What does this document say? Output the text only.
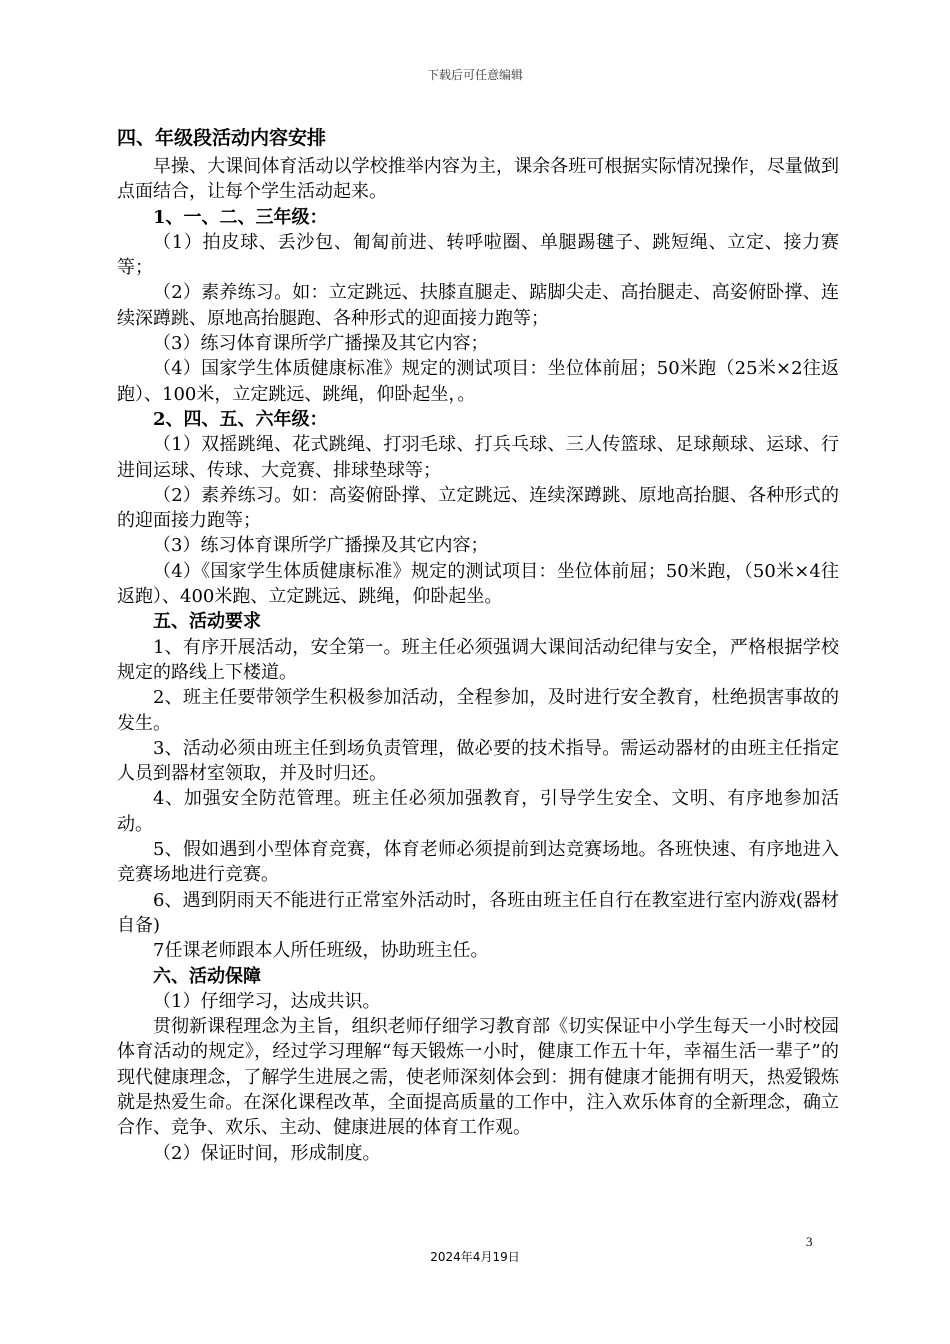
下载后可任意编辑

四、年级段活动内容安排

早操、大课间体育活动以学校推举内容为主，课余各班可根据实际情况操作，尽量做到点面结合，让每个学生活动起来。

1、一、二、三年级：

（1）拍皮球、丢沙包、匍匐前进、转呼啦圈、单腿踢毽子、跳短绳、立定、接力赛等；

（2）素养练习。如：立定跳远、扶膝直腿走、踮脚尖走、高抬腿走、高姿俯卧撑、连续深蹲跳、原地高抬腿跑、各种形式的迎面接力跑等；

（3）练习体育课所学广播操及其它内容；

（4）国家学生体质健康标准》规定的测试项目：坐位体前屈；50米跑（25米×2往返跑）、100米，立定跳远、跳绳，仰卧起坐，。

2、四、五、六年级：

（1）双摇跳绳、花式跳绳、打羽毛球、打兵乓球、三人传篮球、足球颠球、运球、行进间运球、传球、大竞赛、排球垫球等；

（2）素养练习。如：高姿俯卧撑、立定跳远、连续深蹲跳、原地高抬腿、各种形式的的迎面接力跑等；

（3）练习体育课所学广播操及其它内容；

（4）《国家学生体质健康标准》规定的测试项目：坐位体前屈；50米跑，（50米×4往返跑）、400米跑、立定跳远、跳绳，仰卧起坐。

五、活动要求

1、有序开展活动，安全第一。班主任必须强调大课间活动纪律与安全，严格根据学校规定的路线上下楼道。

2、班主任要带领学生积极参加活动，全程参加，及时进行安全教育，杜绝损害事故的发生。

3、活动必须由班主任到场负责管理，做必要的技术指导。需运动器材的由班主任指定人员到器材室领取，并及时归还。

4、加强安全防范管理。班主任必须加强教育，引导学生安全、文明、有序地参加活动。

5、假如遇到小型体育竞赛，体育老师必须提前到达竞赛场地。各班快速、有序地进入竞赛场地进行竞赛。

6、遇到阴雨天不能进行正常室外活动时，各班由班主任自行在教室进行室内游戏(器材自备)

7任课老师跟本人所任班级，协助班主任。

六、活动保障

（1）仔细学习，达成共识。

贯彻新课程理念为主旨，组织老师仔细学习教育部《切实保证中小学生每天一小时校园体育活动的规定》，经过学习理解“每天锻炼一小时，健康工作五十年，幸福生活一辈子”的现代健康理念，了解学生进展之需，使老师深刻体会到：拥有健康才能拥有明天，热爱锻炼就是热爱生命。在深化课程改革，全面提高质量的工作中，注入欢乐体育的全新理念，确立合作、竞争、欢乐、主动、健康进展的体育工作观。

（2）保证时间，形成制度。

3
2024年4月19日
